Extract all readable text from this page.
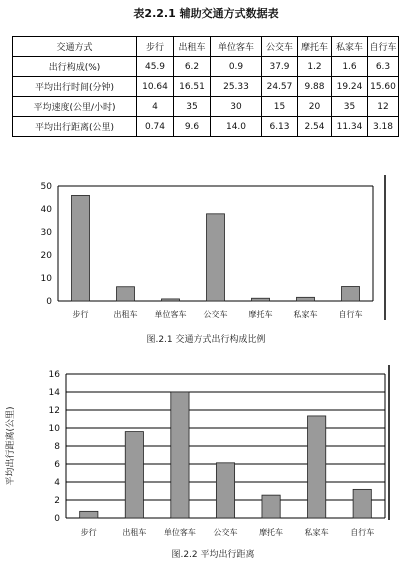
表2.2.1 辅助交通方式数据表
交通方式	步行	出租车	单位客车	公交车	摩托车	私家车	自行车
出行构成(%)	45.9	6.2	0.9	37.9	1.2	1.6	6.3
平均出行时间(分钟)	10.64	16.51	25.33	24.57	9.88	19.24	15.60
平均速度(公里/小时)	4	35	30	15	20	35	12
平均出行距离(公里)	0.74	9.6	14.0	6.13	2.54	11.34	3.18
0
10
20
30
40
50
步行	出租车 单位客车 公交车	摩托车	私家车	自行车
图.2.1 交通方式出行构成比例
0
2
4
6
8
10
12
14
16
步行	出租车 单位客车 公交车	摩托车	私家车	自行车
平均出行距离(公里)
图.2.2 平均出行距离
